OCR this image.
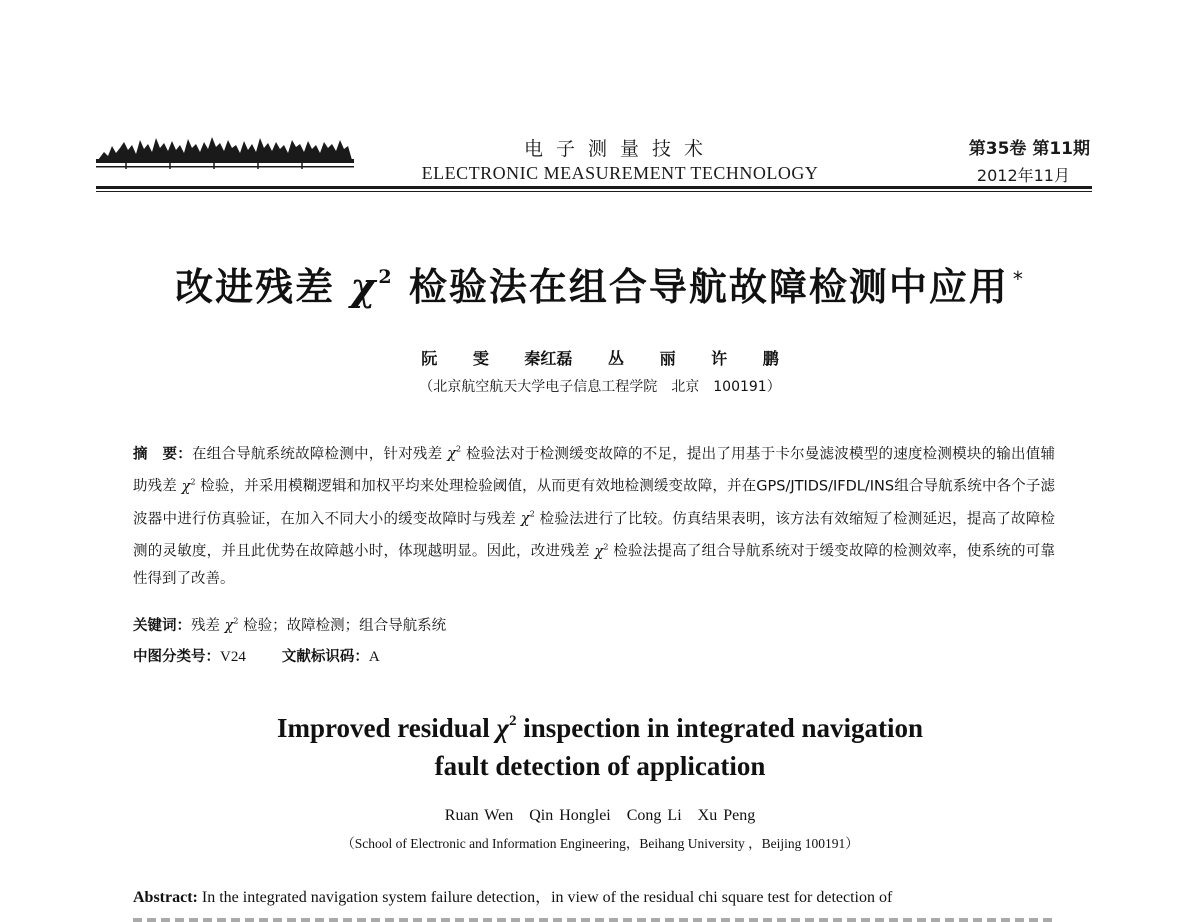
电子测量技术
ELECTRONIC MEASUREMENT TECHNOLOGY
第35卷 第11期
2012年11月
改进残差 $\chi^2$ 检验法在组合导航故障检测中应用 *
阮 雯 秦红磊 丛 丽 许 鹏
（北京航空航天大学电子信息工程学院　北京　100191）
摘　要：在组合导航系统故障检测中，针对残差 $\chi^2$ 检验法对于检测缓变故障的不足，提出了用基于卡尔曼滤波模型的速度检测模块的输出值辅助残差 $\chi^2$ 检验，并采用模糊逻辑和加权平均来处理检验阈值，从而更有效地检测缓变故障，并在GPS/JTIDS/IFDL/INS组合导航系统中各个子滤波器中进行仿真验证，在加入不同大小的缓变故障时与残差 $\chi^2$ 检验法进行了比较。仿真结果表明，该方法有效缩短了检测延迟，提高了故障检测的灵敏度，并且此优势在故障越小时，体现越明显。因此，改进残差 $\chi^2$ 检验法提高了组合导航系统对于缓变故障的检测效率，使系统的可靠性得到了改善。
关键词：残差 $\chi^2$ 检验；故障检测；组合导航系统
中图分类号：V24 文献标识码：A
Improved residual $\chi^2$ inspection in integrated navigation
fault detection of application
Ruan Wen　Qin Honglei　Cong Li　Xu Peng
（School of Electronic and Information Engineering，Beihang University ，Beijing 100191）
Abstract: In the integrated navigation system failure detection，in view of the residual chi square test for detection of
